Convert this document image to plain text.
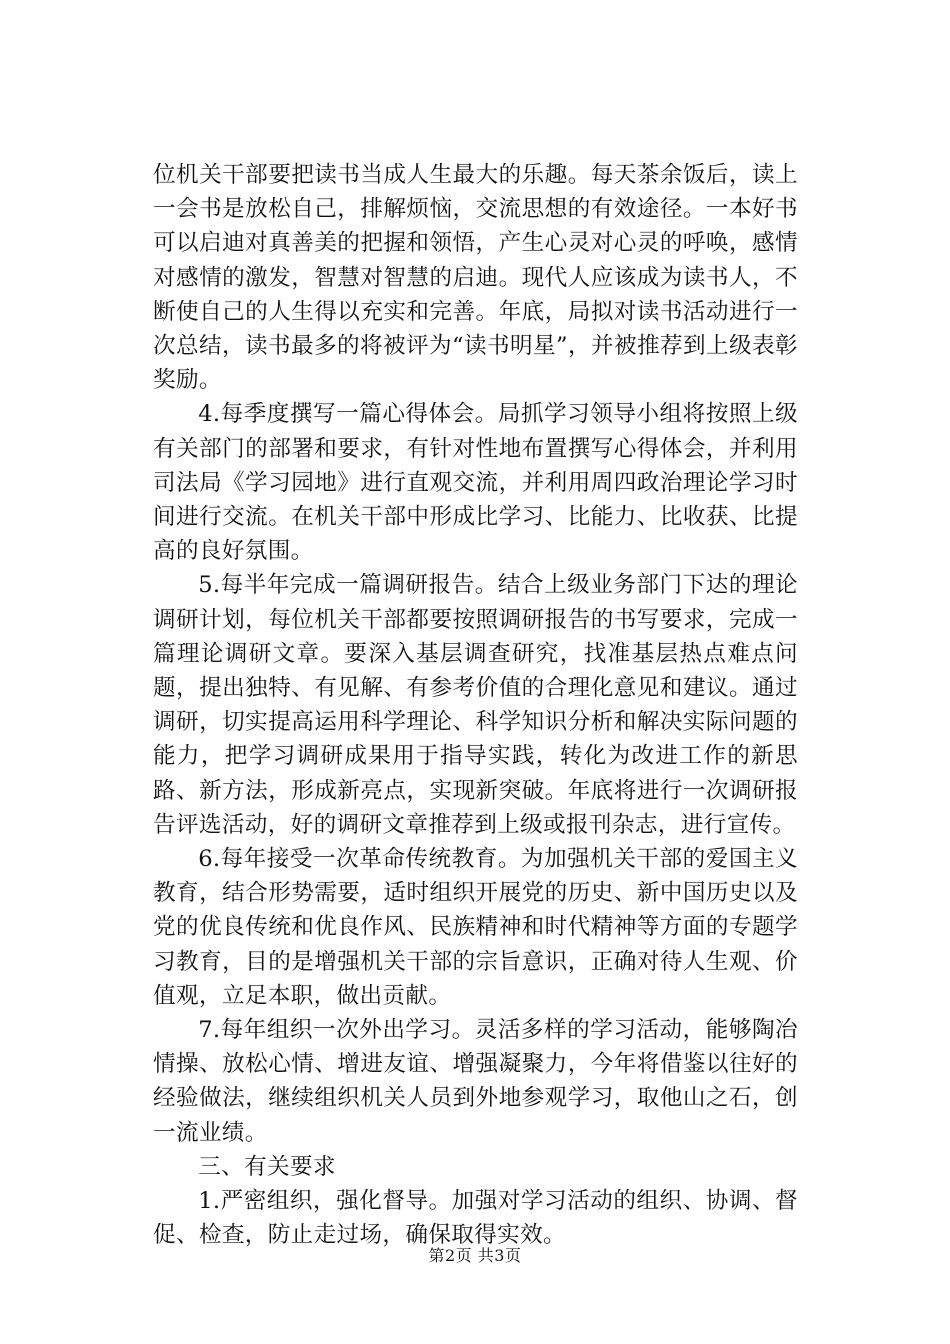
位机关干部要把读书当成人生最大的乐趣。每天茶余饭后，读上一会书是放松自己，排解烦恼，交流思想的有效途径。一本好书可以启迪对真善美的把握和领悟，产生心灵对心灵的呼唤，感情对感情的激发，智慧对智慧的启迪。现代人应该成为读书人，不断使自己的人生得以充实和完善。年底，局拟对读书活动进行一次总结，读书最多的将被评为“读书明星”，并被推荐到上级表彰奖励。

4.每季度撰写一篇心得体会。局抓学习领导小组将按照上级有关部门的部署和要求，有针对性地布置撰写心得体会，并利用司法局《学习园地》进行直观交流，并利用周四政治理论学习时间进行交流。在机关干部中形成比学习、比能力、比收获、比提高的良好氛围。

5.每半年完成一篇调研报告。结合上级业务部门下达的理论调研计划，每位机关干部都要按照调研报告的书写要求，完成一篇理论调研文章。要深入基层调查研究，找准基层热点难点问题，提出独特、有见解、有参考价值的合理化意见和建议。通过调研，切实提高运用科学理论、科学知识分析和解决实际问题的能力，把学习调研成果用于指导实践，转化为改进工作的新思路、新方法，形成新亮点，实现新突破。年底将进行一次调研报告评选活动，好的调研文章推荐到上级或报刊杂志，进行宣传。

6.每年接受一次革命传统教育。为加强机关干部的爱国主义教育，结合形势需要，适时组织开展党的历史、新中国历史以及党的优良传统和优良作风、民族精神和时代精神等方面的专题学习教育，目的是增强机关干部的宗旨意识，正确对待人生观、价值观，立足本职，做出贡献。

7.每年组织一次外出学习。灵活多样的学习活动，能够陶冶情操、放松心情、增进友谊、增强凝聚力，今年将借鉴以往好的经验做法，继续组织机关人员到外地参观学习，取他山之石，创一流业绩。

三、有关要求

1.严密组织，强化督导。加强对学习活动的组织、协调、督促、检查，防止走过场，确保取得实效。

第2页 共3页
